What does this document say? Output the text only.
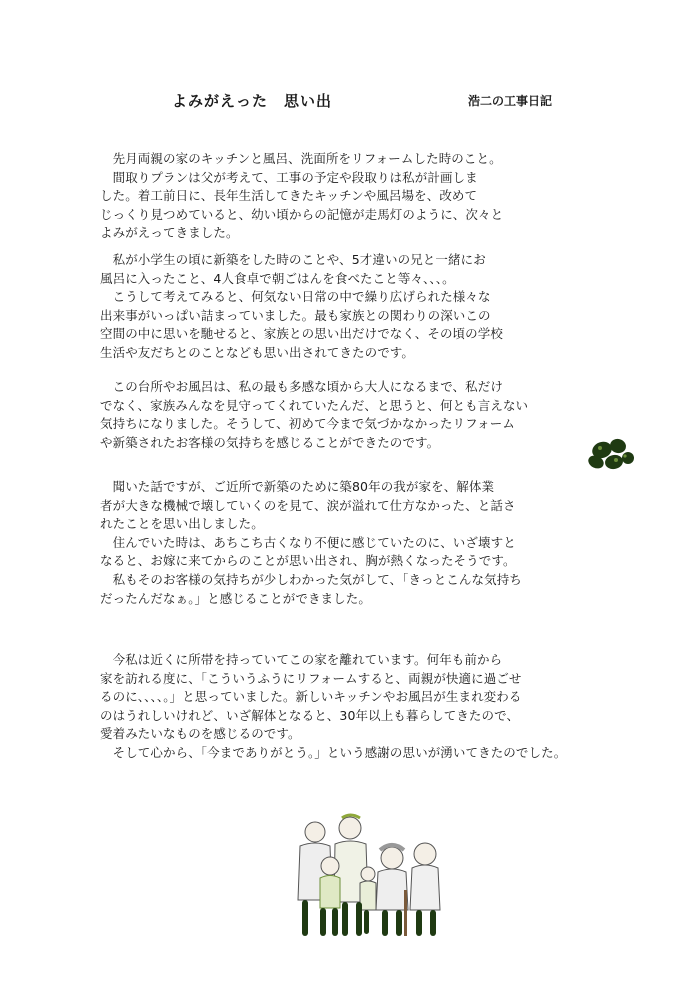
よみがえった　思い出	浩二の工事日記
　先月両親の家のキッチンと風呂、洗面所をリフォームした時のこと。
　間取りプランは父が考えて、工事の予定や段取りは私が計画しま
した。着工前日に、長年生活してきたキッチンや風呂場を、改めて
じっくり見つめていると、幼い頃からの記憶が走馬灯のように、次々と
よみがえってきました。
　私が小学生の頃に新築をした時のことや、5才違いの兄と一緒にお
風呂に入ったこと、4人食卓で朝ごはんを食べたこと等々、、、。
　こうして考えてみると、何気ない日常の中で繰り広げられた様々な
出来事がいっぱい詰まっていました。最も家族との関わりの深いこの
空間の中に思いを馳せると、家族との思い出だけでなく、その頃の学校
生活や友だちとのことなども思い出されてきたのです。
　この台所やお風呂は、私の最も多感な頃から大人になるまで、私だけ
でなく、家族みんなを見守ってくれていたんだ、と思うと、何とも言えない
気持ちになりました。そうして、初めて今まで気づかなかったリフォーム
や新築されたお客様の気持ちを感じることができたのです。
　聞いた話ですが、ご近所で新築のために築80年の我が家を、解体業
者が大きな機械で壊していくのを見て、涙が溢れて仕方なかった、と話さ
れたことを思い出しました。
　住んでいた時は、あちこち古くなり不便に感じていたのに、いざ壊すと
なると、お嫁に来てからのことが思い出され、胸が熱くなったそうです。
　私もそのお客様の気持ちが少しわかった気がして、「きっとこんな気持ち
だったんだなぁ。」と感じることができました。
　今私は近くに所帯を持っていてこの家を離れています。何年も前から
家を訪れる度に、「こういうふうにリフォームすると、両親が快適に過ごせ
るのに、、、、。」と思っていました。新しいキッチンやお風呂が生まれ変わる
のはうれしいけれど、いざ解体となると、30年以上も暮らしてきたので、
愛着みたいなものを感じるのです。
　そして心から、「今までありがとう。」という感謝の思いが湧いてきたのでした。
